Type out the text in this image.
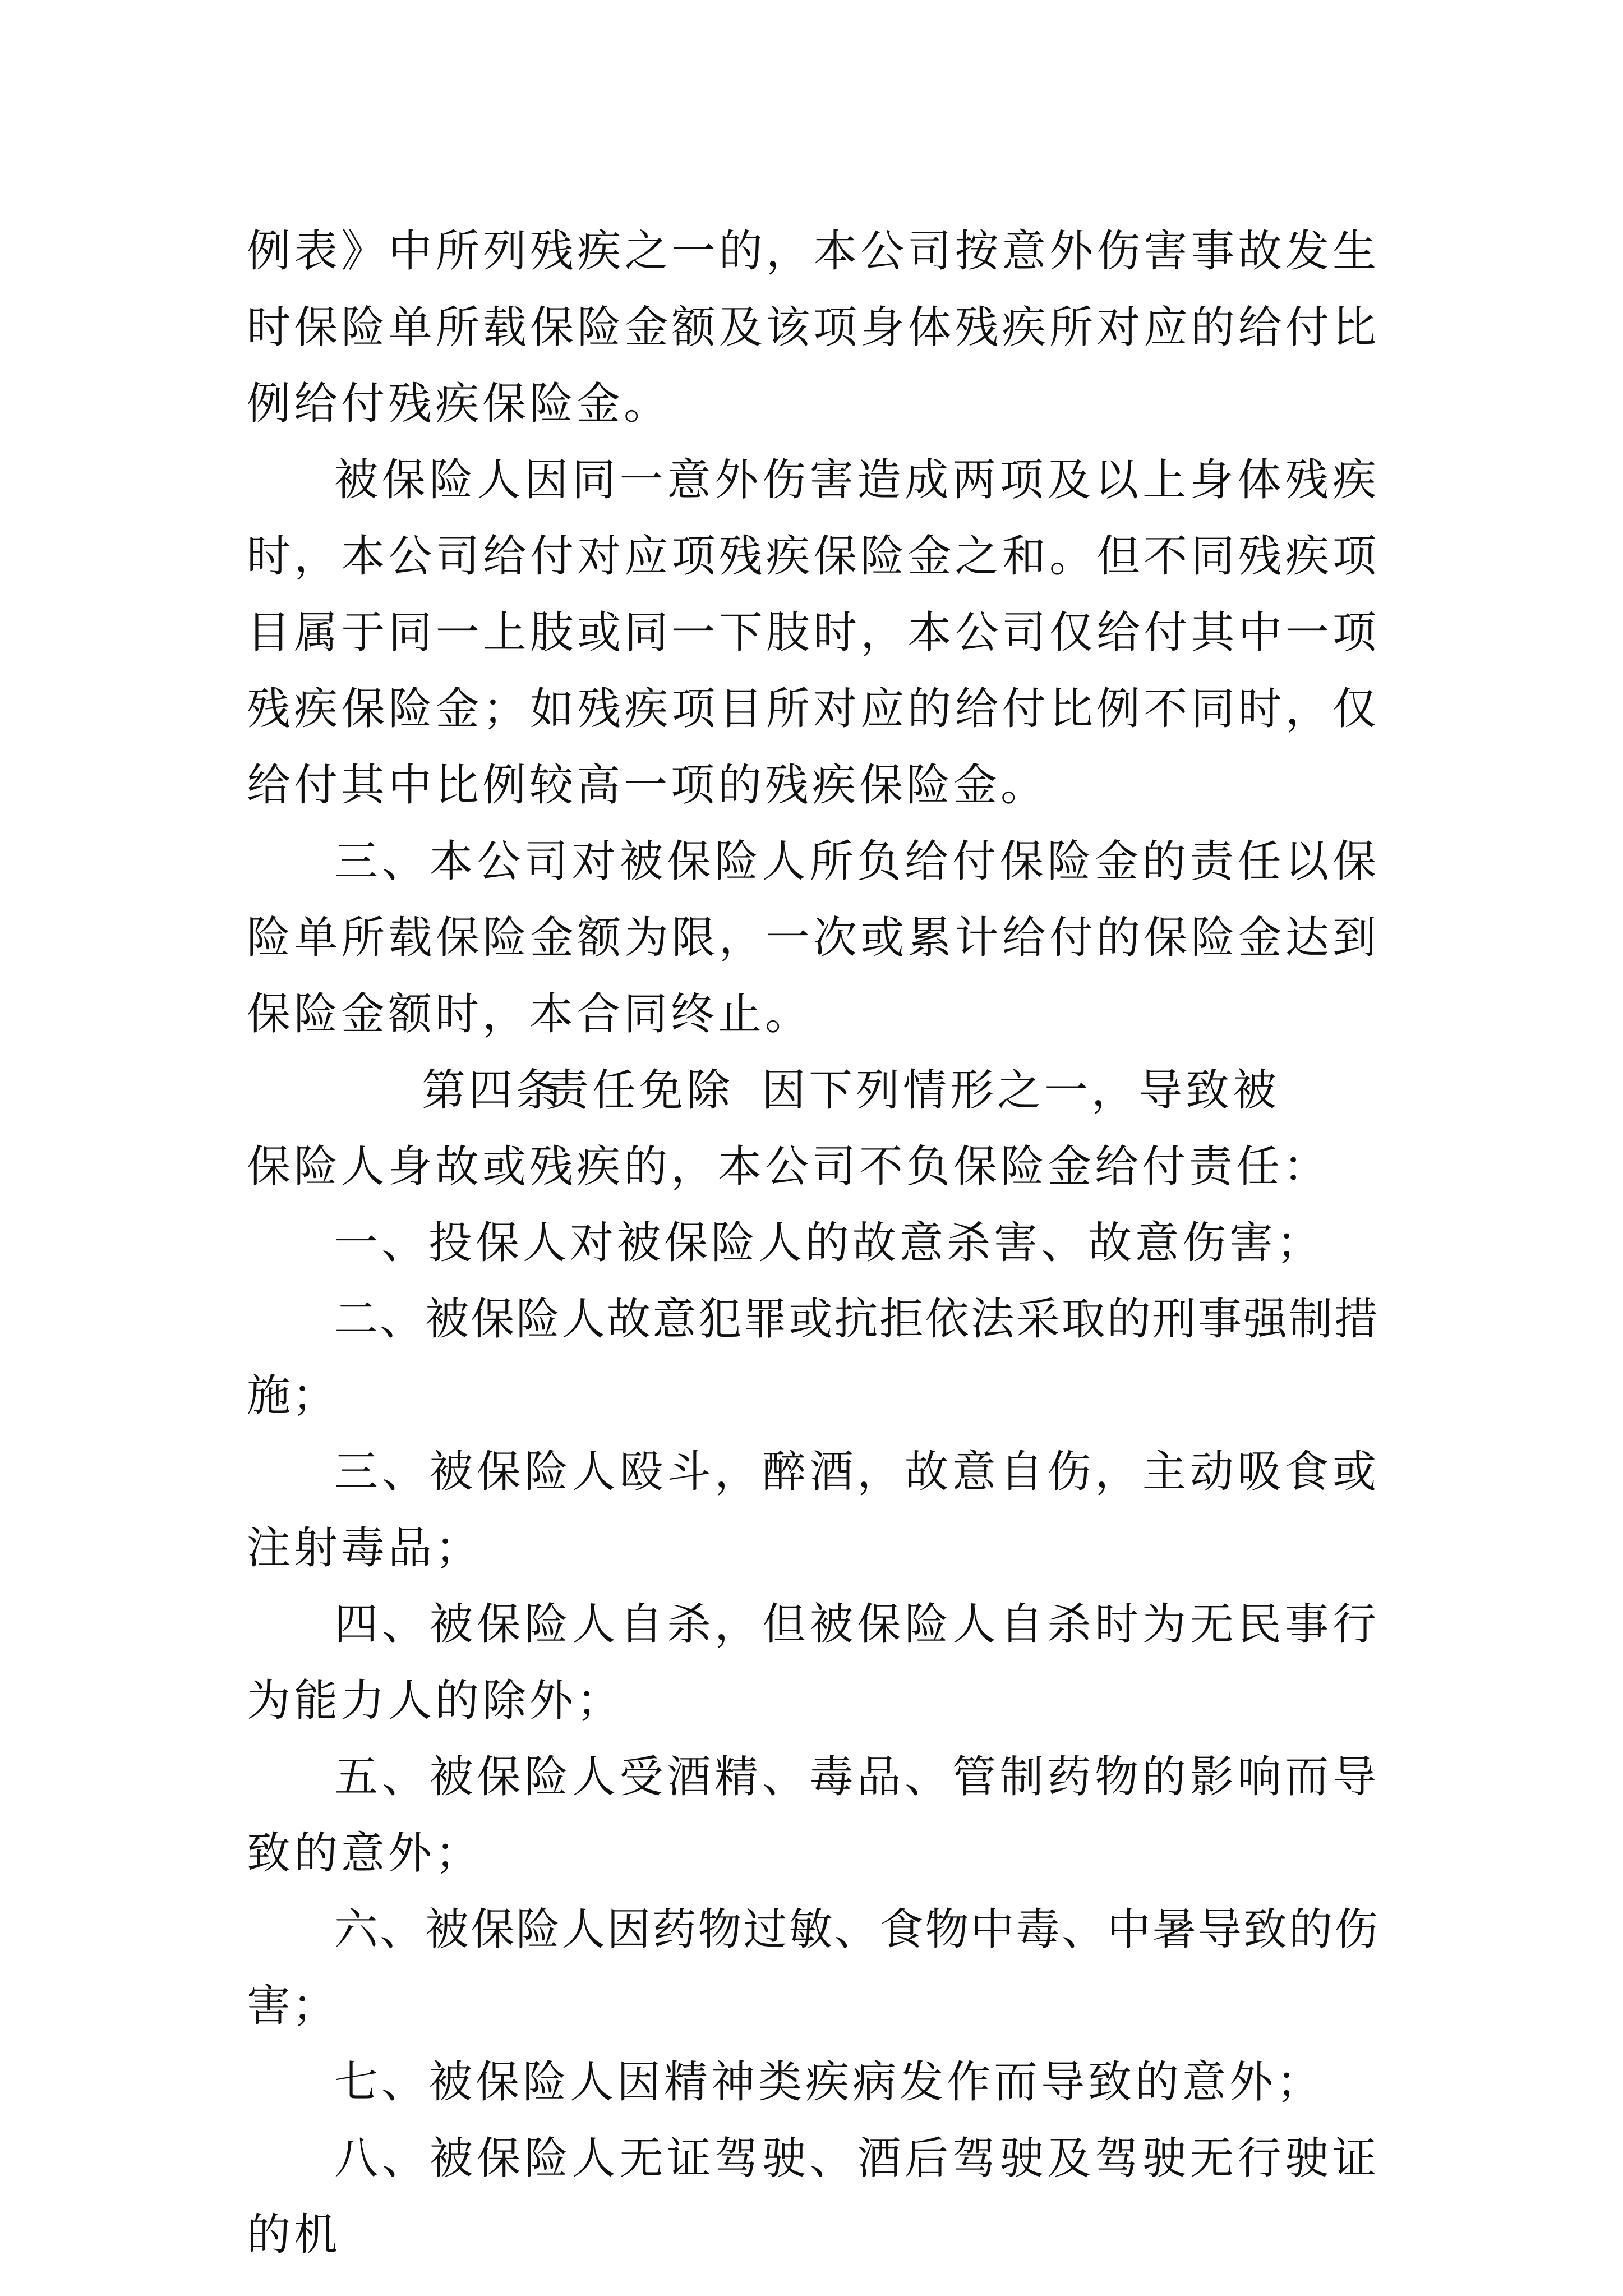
例表》中所列残疾之一的，本公司按意外伤害事故发生时保险单所载保险金额及该项身体残疾所对应的给付比例给付残疾保险金。

被保险人因同一意外伤害造成两项及以上身体残疾时，本公司给付对应项残疾保险金之和。但不同残疾项目属于同一上肢或同一下肢时，本公司仅给付其中一项残疾保险金；如残疾项目所对应的给付比例不同时，仅给付其中比例较高一项的残疾保险金。

三、本公司对被保险人所负给付保险金的责任以保险单所载保险金额为限，一次或累计给付的保险金达到保险金额时，本合同终止。

第四条
责任免除 因下列情形之一，导致被

保险人身故或残疾的，本公司不负保险金给付责任：

一、投保人对被保险人的故意杀害、故意伤害；

二、被保险人故意犯罪或抗拒依法采取的刑事强制措施；

三、被保险人殴斗，醉酒，故意自伤，主动吸食或注射毒品；

四、被保险人自杀，但被保险人自杀时为无民事行为能力人的除外；

五、被保险人受酒精、毒品、管制药物的影响而导致的意外；

六、被保险人因药物过敏、食物中毒、中暑导致的伤害；

七、被保险人因精神类疾病发作而导致的意外；

八、被保险人无证驾驶、酒后驾驶及驾驶无行驶证的机
